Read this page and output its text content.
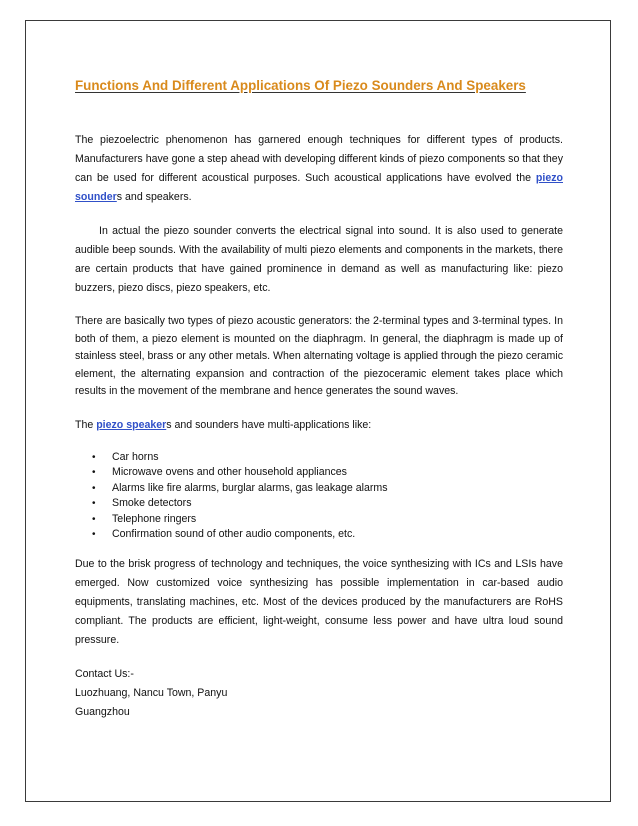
Functions And Different Applications Of Piezo Sounders And Speakers

The piezoelectric phenomenon has garnered enough techniques for different types of products. Manufacturers have gone a step ahead with developing different kinds of piezo components so that they can be used for different acoustical purposes. Such acoustical applications have evolved the piezo sounders and speakers.

In actual the piezo sounder converts the electrical signal into sound. It is also used to generate audible beep sounds. With the availability of multi piezo elements and components in the markets, there are certain products that have gained prominence in demand as well as manufacturing like: piezo buzzers, piezo discs, piezo speakers, etc.

There are basically two types of piezo acoustic generators: the 2-terminal types and 3-terminal types. In both of them, a piezo element is mounted on the diaphragm. In general, the diaphragm is made up of stainless steel, brass or any other metals. When alternating voltage is applied through the piezo ceramic element, the alternating expansion and contraction of the piezoceramic element takes place which results in the movement of the membrane and hence generates the sound waves.

The piezo speakers and sounders have multi-applications like:

• Car horns
• Microwave ovens and other household appliances
• Alarms like fire alarms, burglar alarms, gas leakage alarms
• Smoke detectors
• Telephone ringers
• Confirmation sound of other audio components, etc.

Due to the brisk progress of technology and techniques, the voice synthesizing with ICs and LSIs have emerged. Now customized voice synthesizing has possible implementation in car-based audio equipments, translating machines, etc. Most of the devices produced by the manufacturers are RoHS compliant. The products are efficient, light-weight, consume less power and have ultra loud sound pressure.

Contact Us:-

Luozhuang, Nancu Town, Panyu

Guangzhou
